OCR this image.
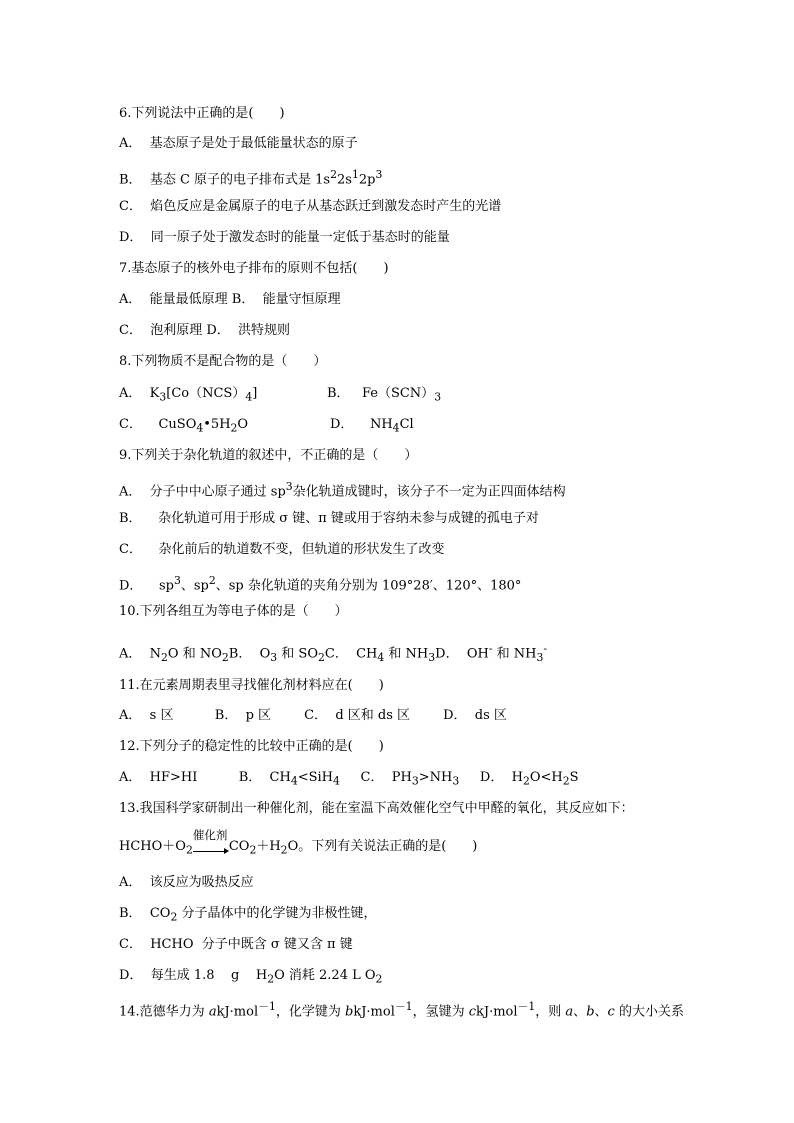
6.下列说法中正确的是(　　)
A．  基态原子是处于最低能量状态的原子
B．  基态 C 原子的电子排布式是 $1s^22s^12p^3$
C．  焰色反应是金属原子的电子从基态跃迁到激发态时产生的光谱
D．  同一原子处于激发态时的能量一定低于基态时的能量
7.基态原子的核外电子排布的原则不包括(　　)
A．  能量最低原理 B．  能量守恒原理
C．  泡利原理 D．  洪特规则
8.下列物质不是配合物的是（　　）
A．  $K_3[Co(NCS)_4]$	B．   $Fe(SCN)_3$
C．    $CuSO_4•5H_2O$	D．    $NH_4Cl$
9.下列关于杂化轨道的叙述中，不正确的是（　　）
A．  分子中中心原子通过 $sp^3$杂化轨道成键时，该分子不一定为正四面体结构
B．    杂化轨道可用于形成 σ 键、π 键或用于容纳未参与成键的孤电子对
C．    杂化前后的轨道数不变，但轨道的形状发生了改变
D．    $sp^3$、$sp^2$、sp 杂化轨道的夹角分别为 109°28′、120°、180°
10.下列各组互为等电子体的是（　　）
A．  $N_2O$ 和 $NO_2B$．  $O_3$ 和 $SO_2C$．  $CH_4$ 和 $NH_3D$．  OH- 和 $NH_3^-$
11.在元素周期表里寻找催化剂材料应在(　　)
A．  s 区          B．  p 区        C．  d 区和 ds 区        D．  ds 区
12.下列分子的稳定性的比较中正确的是(　　)
A．  HF>HI          B．  $CH_4<SiH_4$     C．  $PH_3>NH_3$     D．  $H_2O<H_2S$
13.我国科学家研制出一种催化剂，能在室温下高效催化空气中甲醛的氧化，其反应如下：
$HCHO+O_2$
催化剂
$CO_2+H_2O$。下列有关说法正确的是(　　)
A．  该反应为吸热反应
B．  $CO_2$ 分子晶体中的化学键为非极性键，
C．  HCHO  分子中既含 σ 键又含 π 键
D．  每生成 1.8    g    $H_2O$ 消耗 2.24 L $O_2$
14.范德华力为 akJ·mol$^{-1}$，化学键为 bkJ·mol$^{-1}$，氢键为 ckJ·mol$^{-1}$，则 a、b、c 的大小关系
